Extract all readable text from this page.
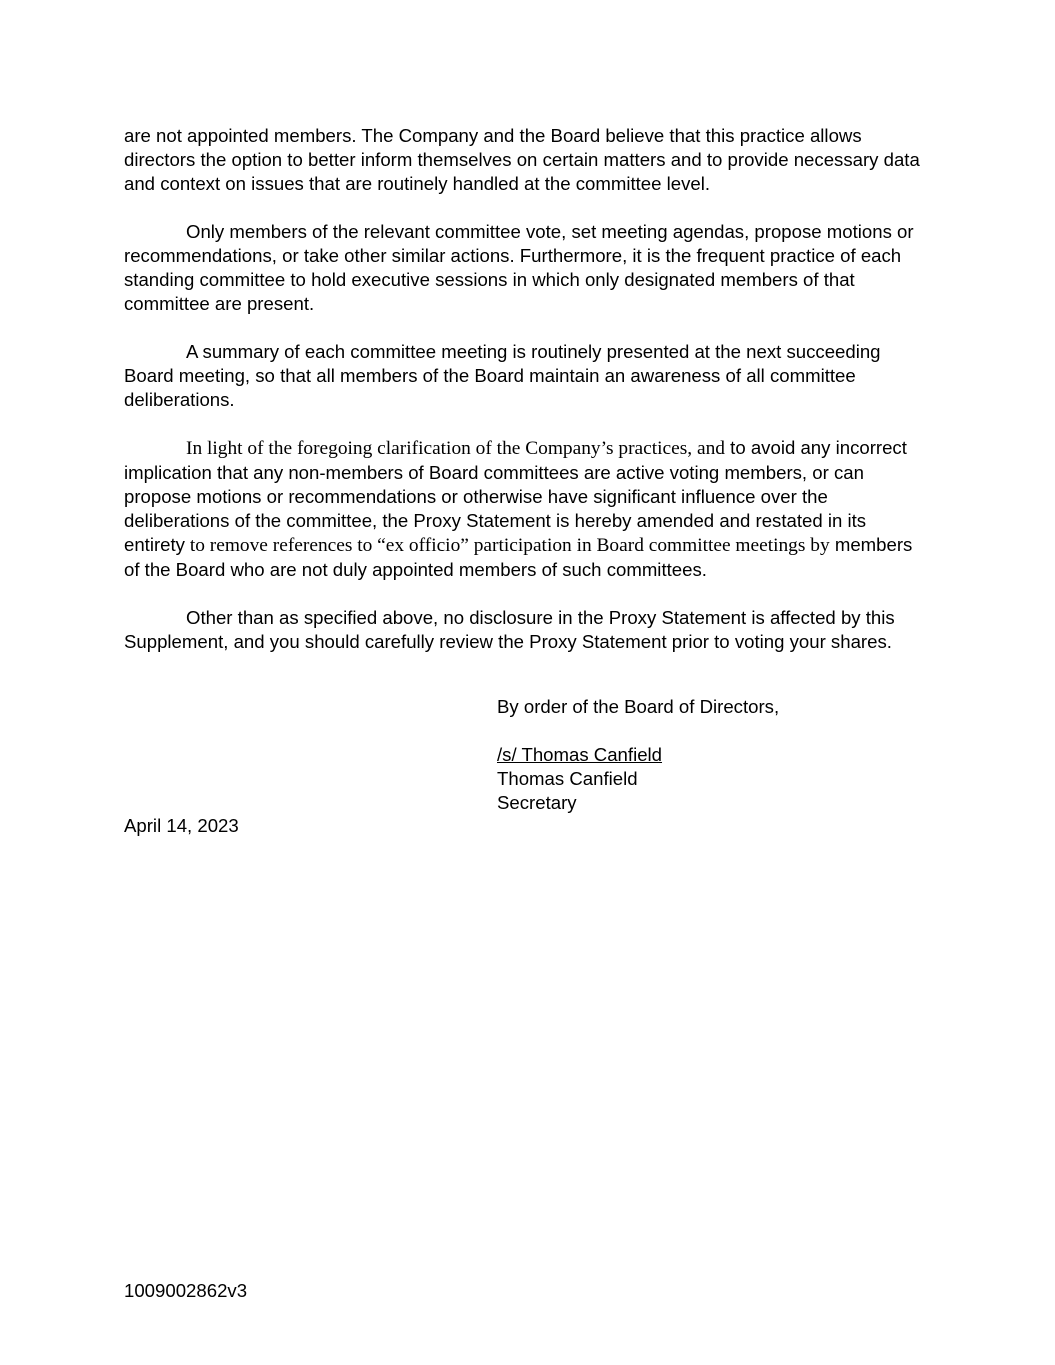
are not appointed members. The Company and the Board believe that this practice allows directors the option to better inform themselves on certain matters and to provide necessary data and context on issues that are routinely handled at the committee level.

Only members of the relevant committee vote, set meeting agendas, propose motions or recommendations, or take other similar actions. Furthermore, it is the frequent practice of each standing committee to hold executive sessions in which only designated members of that committee are present.

A summary of each committee meeting is routinely presented at the next succeeding Board meeting, so that all members of the Board maintain an awareness of all committee deliberations.

In light of the foregoing clarification of the Company’s practices, and to avoid any incorrect implication that any non-members of Board committees are active voting members, or can propose motions or recommendations or otherwise have significant influence over the deliberations of the committee, the Proxy Statement is hereby amended and restated in its entirety to remove references to “ex officio” participation in Board committee meetings by members of the Board who are not duly appointed members of such committees.

Other than as specified above, no disclosure in the Proxy Statement is affected by this Supplement, and you should carefully review the Proxy Statement prior to voting your shares.

By order of the Board of Directors,

/s/ Thomas Canfield

Thomas Canfield

Secretary

April 14, 2023

1009002862v3
